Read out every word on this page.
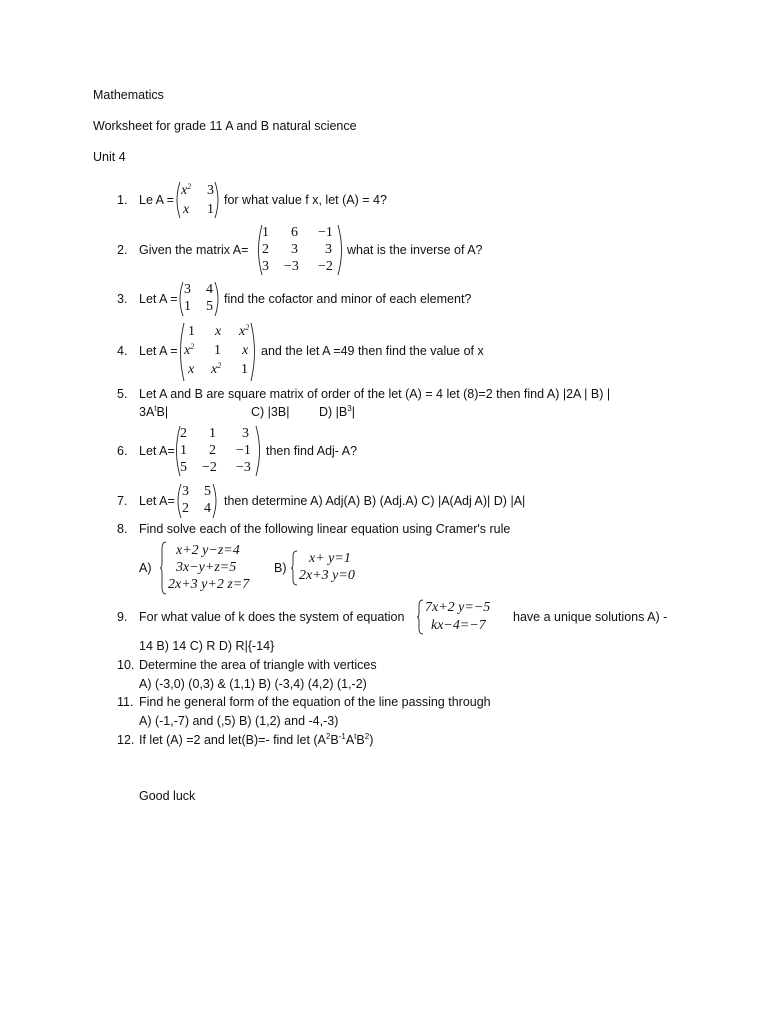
Mathematics
Worksheet for grade 11 A and B natural science
Unit 4
1. Le A =
$x^2$ 3
x 1
for what value f x, let (A) = 4?
2. Given the matrix A=
1 6 −1
2 3 3
3 −3 −2
what is the inverse of A?
3. Let A =
3 4
1 5 find the cofactor and minor of each element?
4. Let A =
1 x $x^2$
$x^2$ 1 x
x $x^2$ 1
and the let A =49 then find the value of x
5. Let A and B are square matrix of order of the let (A) = 4 let (8)=2 then find A) |2A | B) |
$3A^tB|$	C) |3B| D) $|B^3|$
6. Let A=
2 1 3
1 2 −1
5 −2 −3
then find Adj- A?
7. Let A=
3 5
2 4 then determine A) Adj(A) B) (Adj.A) C) |A(Adj A)| D) |A|
8. Find solve each of the following linear equation using Cramer's rule
A)
x+2 y−z=4
3x−y+z=5
2x+3 y+2 z=7
B)
x+ y=1
2x+3 y=0
9. For what value of k does the system of equation
7x+2 y=−5
kx−4=−7
have a unique solutions A) -
14 B) 14 C) R D) R|{-14}
10. Determine the area of triangle with vertices
A) (-3,0) (0,3) & (1,1) B) (-3,4) (4,2) (1,-2)
11. Find he general form of the equation of the line passing through
A) (-1,-7) and (,5) B) (1,2) and -4,-3)
12. If let (A) =2 and let(B)=- find let $(A^2B^{-1}A^tB^2)$
Good luck
